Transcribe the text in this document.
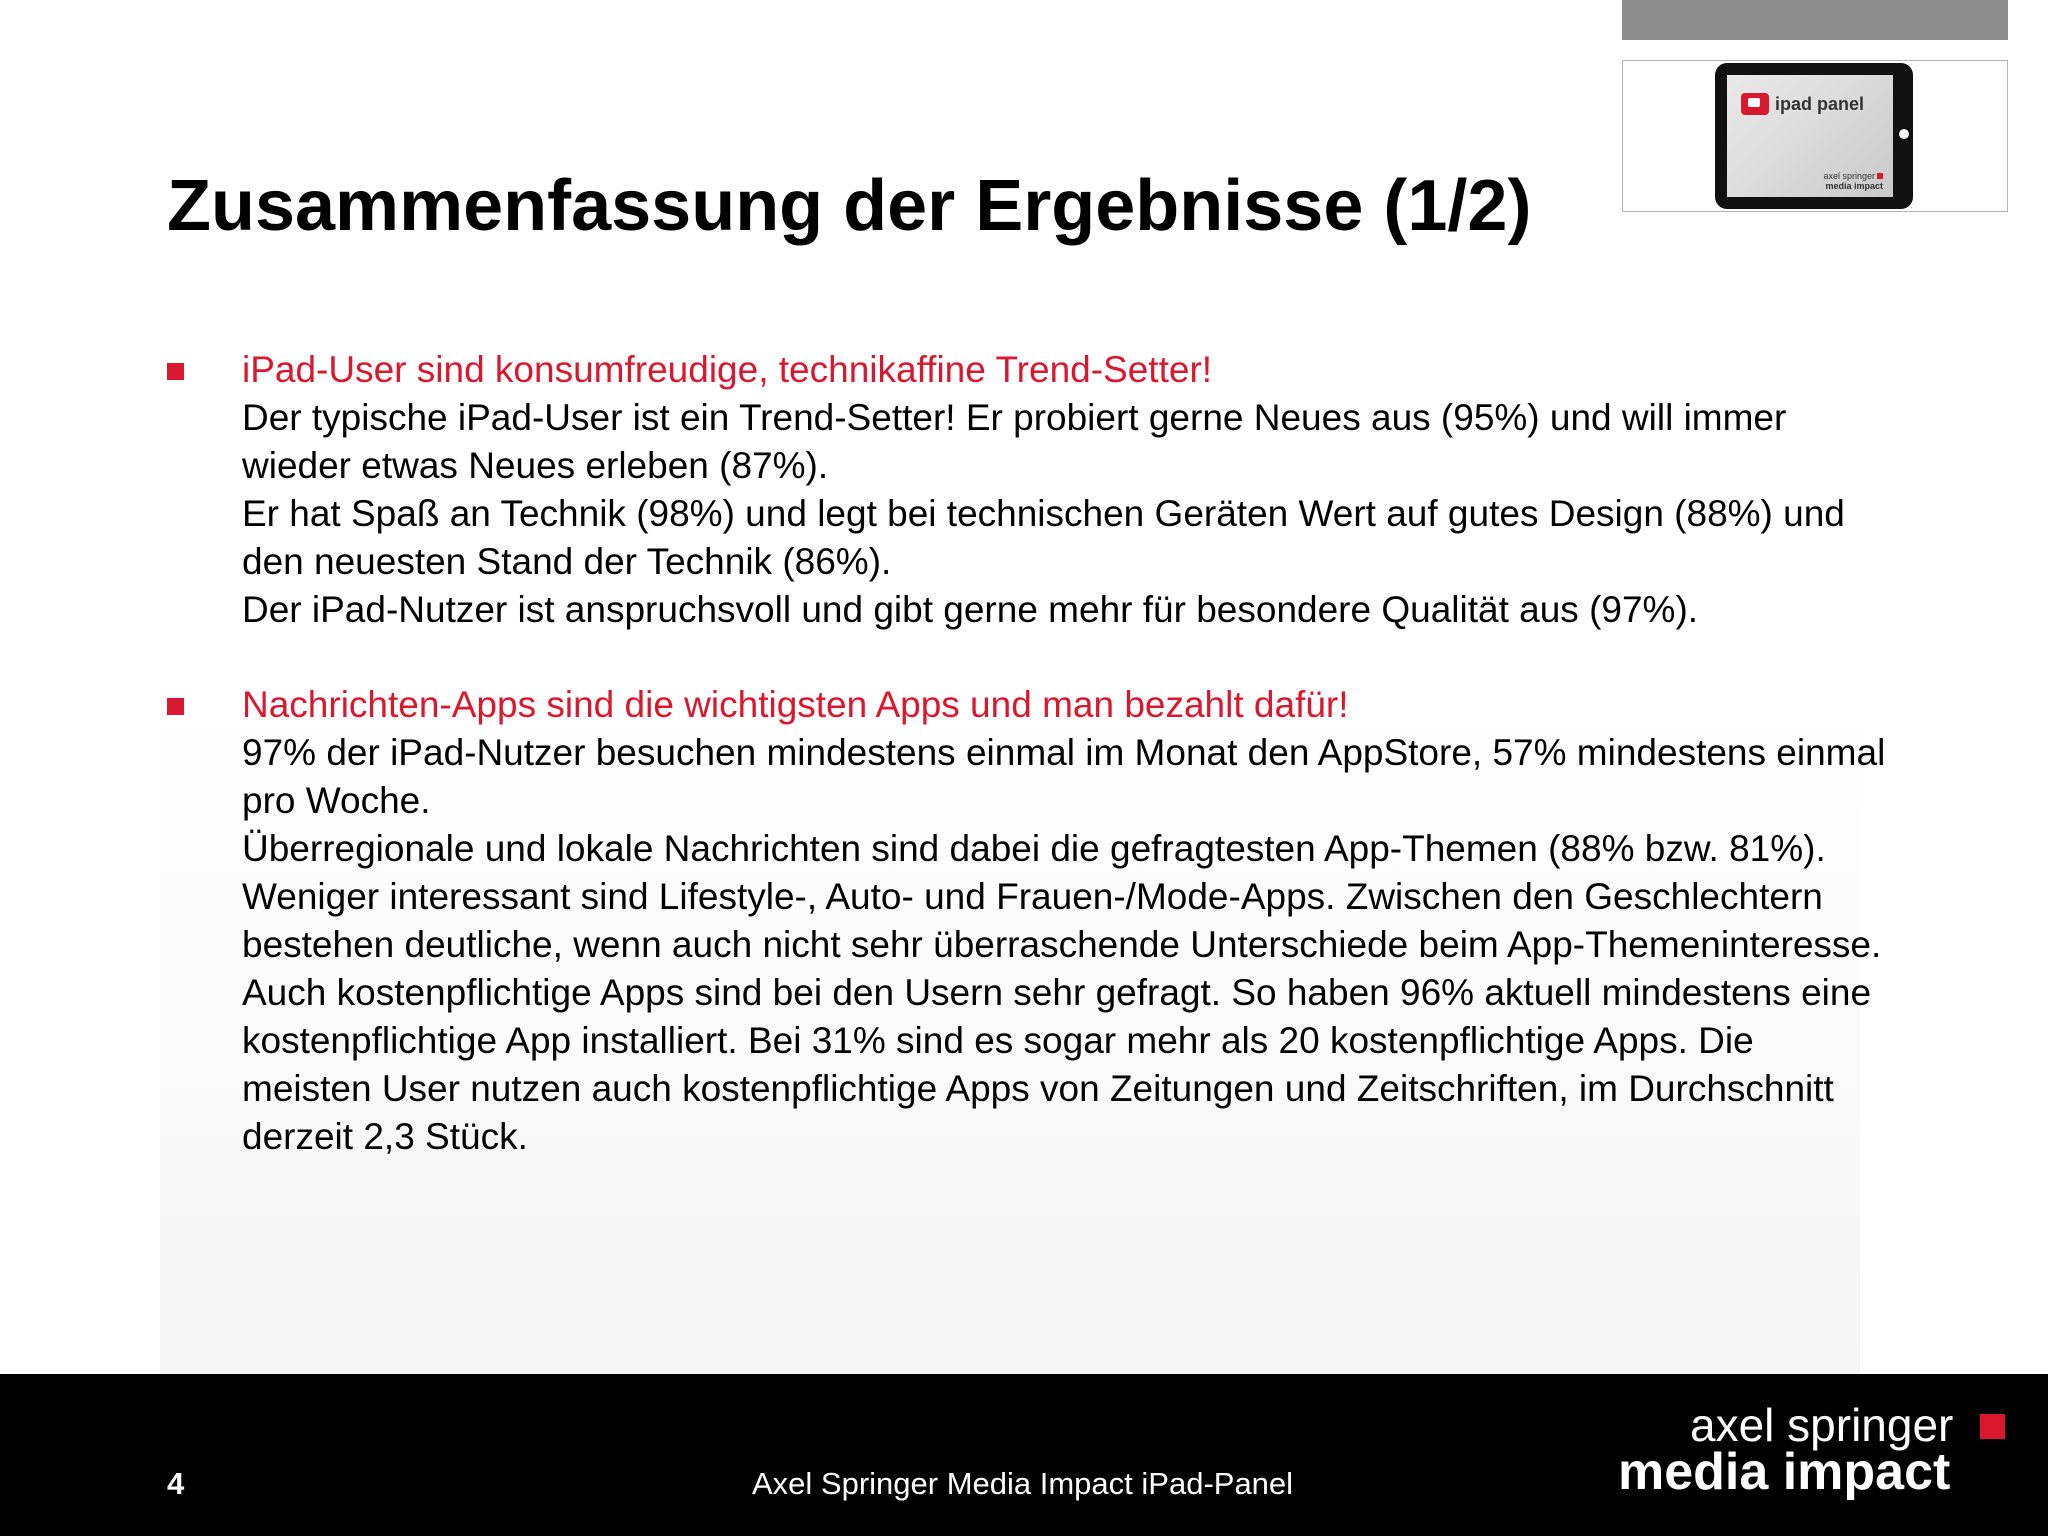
ipad panel
axel springer
media impact
Zusammenfassung der Ergebnisse (1/2)
iPad-User sind konsumfreudige, technikaffine Trend-Setter!
Der typische iPad-User ist ein Trend-Setter! Er probiert gerne Neues aus (95%) und will immer wieder etwas Neues erleben (87%).
Er hat Spaß an Technik (98%) und legt bei technischen Geräten Wert auf gutes Design (88%) und den neuesten Stand der Technik (86%).
Der iPad-Nutzer ist anspruchsvoll und gibt gerne mehr für besondere Qualität aus (97%).
Nachrichten-Apps sind die wichtigsten Apps und man bezahlt dafür!
97% der iPad-Nutzer besuchen mindestens einmal im Monat den AppStore, 57% mindestens einmal pro Woche.
Überregionale und lokale Nachrichten sind dabei die gefragtesten App-Themen (88% bzw. 81%). Weniger interessant sind Lifestyle-, Auto- und Frauen-/Mode-Apps. Zwischen den Geschlechtern bestehen deutliche, wenn auch nicht sehr überraschende Unterschiede beim App-Themeninteresse.
Auch kostenpflichtige Apps sind bei den Usern sehr gefragt. So haben 96% aktuell mindestens eine kostenpflichtige App installiert. Bei 31% sind es sogar mehr als 20 kostenpflichtige Apps. Die meisten User nutzen auch kostenpflichtige Apps von Zeitungen und Zeitschriften, im Durchschnitt derzeit 2,3 Stück.
4	Axel Springer Media Impact iPad-Panel
axel springer
media impact
